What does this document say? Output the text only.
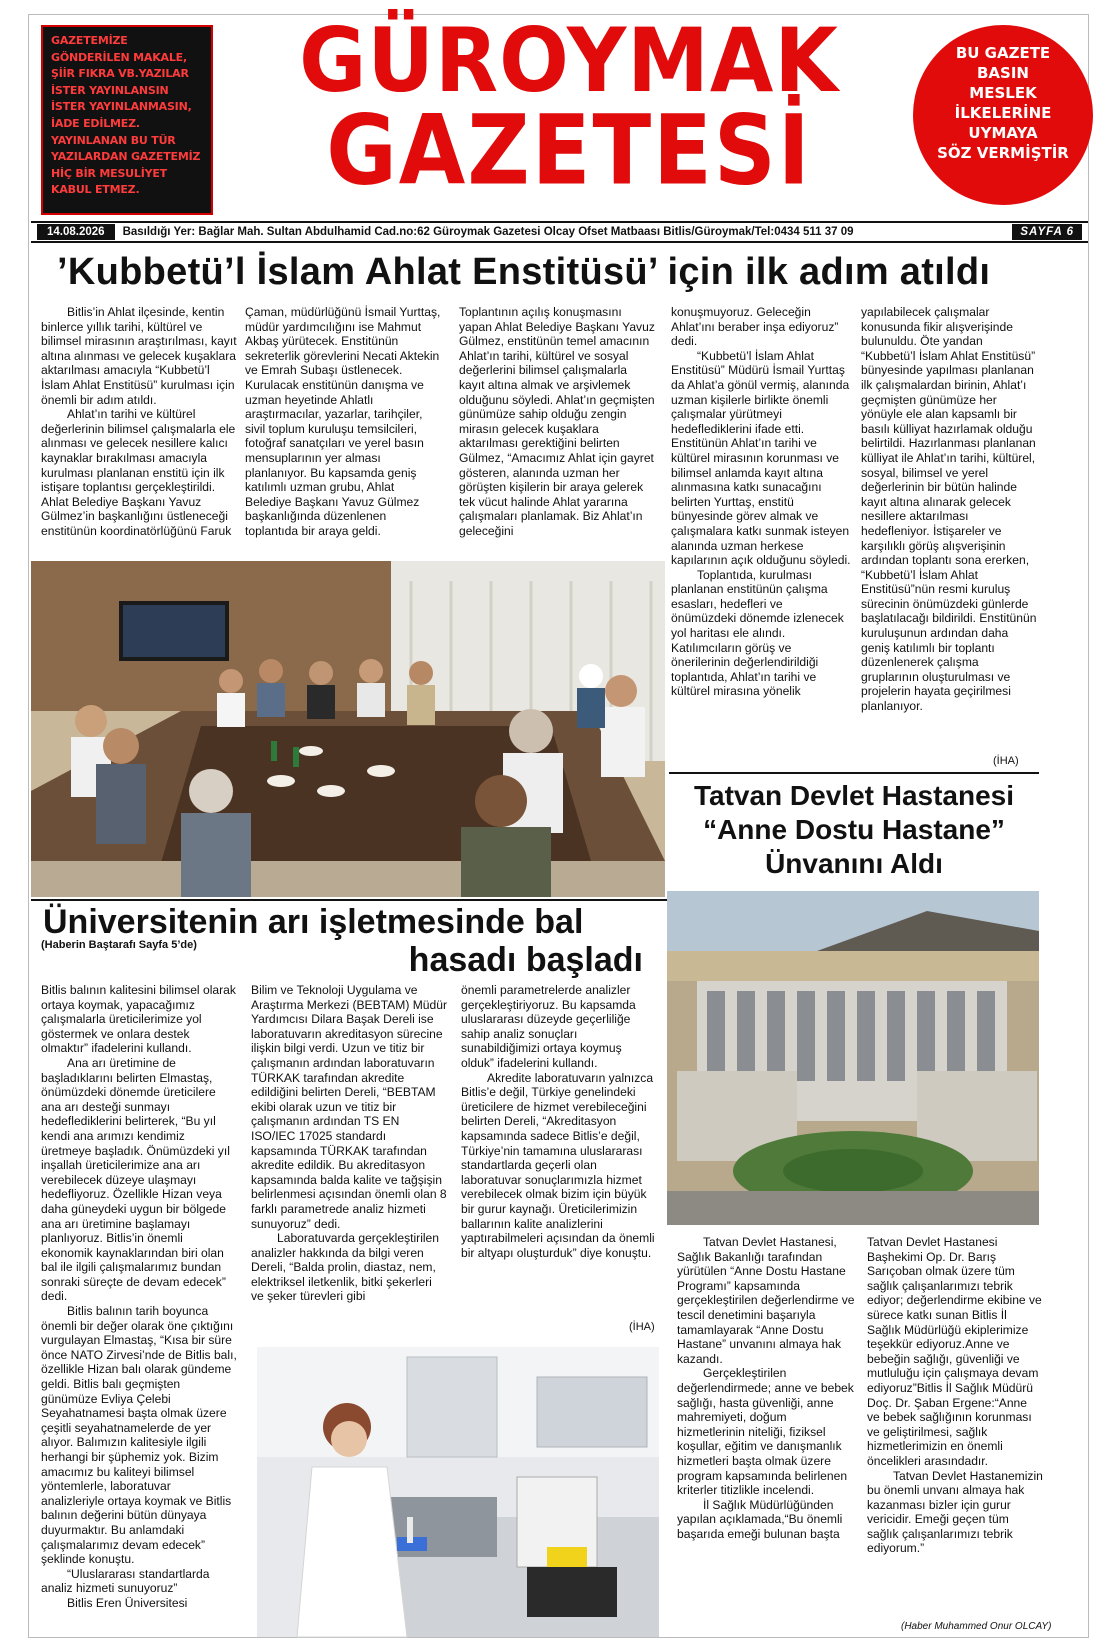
GAZETEMİZE GÖNDERİLEN MAKALE, ŞİİR FIKRA VB.YAZILAR İSTER YAYINLANSIN İSTER YAYINLANMASIN, İADE EDİLMEZ. YAYINLANAN BU TÜR YAZILARDAN GAZETEMİZ HİÇ BİR MESULİYET KABUL ETMEZ.
GÜROYMAK
GAZETESİ
BU GAZETE
BASIN
MESLEK
İLKELERİNE
UYMAYA
SÖZ VERMİŞTİR
14.08.2026	Basıldığı Yer: Bağlar Mah. Sultan Abdulhamid Cad.no:62 Güroymak Gazetesi Olcay Ofset Matbaası Bitlis/Güroymak/Tel:0434 511 37 09	SAYFA 6
’Kubbetü’l İslam Ahlat Enstitüsü’ için ilk adım atıldı

Bitlis’in Ahlat ilçesinde, kentin binlerce yıllık tarihi, kültürel ve bilimsel mirasının araştırılması, kayıt altına alınması ve gelecek kuşaklara aktarılması amacıyla “Kubbetü’l İslam Ahlat Enstitüsü” kurulması için önemli bir adım atıldı.

Ahlat’ın tarihi ve kültürel değerlerinin bilimsel çalışmalarla ele alınması ve gelecek nesillere kalıcı kaynaklar bırakılması amacıyla kurulması planlanan enstitü için ilk istişare toplantısı gerçekleştirildi. Ahlat Belediye Başkanı Yavuz Gülmez’in başkanlığını üstleneceği enstitünün koordinatörlüğünü Faruk

Çaman, müdürlüğünü İsmail Yurttaş, müdür yardımcılığını ise Mahmut Akbaş yürütecek. Enstitünün sekreterlik görevlerini Necati Aktekin ve Emrah Subaşı üstlenecek. Kurulacak enstitünün danışma ve uzman heyetinde Ahlatlı araştırmacılar, yazarlar, tarihçiler, sivil toplum kuruluşu temsilcileri, fotoğraf sanatçıları ve yerel basın mensuplarının yer alması planlanıyor. Bu kapsamda geniş katılımlı uzman grubu, Ahlat Belediye Başkanı Yavuz Gülmez başkanlığında düzenlenen toplantıda bir araya geldi.

Toplantının açılış konuşmasını yapan Ahlat Belediye Başkanı Yavuz Gülmez, enstitünün temel amacının Ahlat’ın tarihi, kültürel ve sosyal değerlerini bilimsel çalışmalarla kayıt altına almak ve arşivlemek olduğunu söyledi. Ahlat’ın geçmişten günümüze sahip olduğu zengin mirasın gelecek kuşaklara aktarılması gerektiğini belirten Gülmez, “Amacımız Ahlat için gayret gösteren, alanında uzman her görüşten kişilerin bir araya gelerek tek vücut halinde Ahlat yararına çalışmaları planlamak. Biz Ahlat’ın geleceğini

konuşmuyoruz. Geleceğin Ahlat’ını beraber inşa ediyoruz” dedi.

“Kubbetü’l İslam Ahlat Enstitüsü” Müdürü İsmail Yurttaş da Ahlat’a gönül vermiş, alanında uzman kişilerle birlikte önemli çalışmalar yürütmeyi hedeflediklerini ifade etti. Enstitünün Ahlat’ın tarihi ve kültürel mirasının korunması ve bilimsel anlamda kayıt altına alınmasına katkı sunacağını belirten Yurttaş, enstitü bünyesinde görev almak ve çalışmalara katkı sunmak isteyen alanında uzman herkese kapılarının açık olduğunu söyledi.

Toplantıda, kurulması planlanan enstitünün çalışma esasları, hedefleri ve önümüzdeki dönemde izlenecek yol haritası ele alındı. Katılımcıların görüş ve önerilerinin değerlendirildiği toplantıda, Ahlat’ın tarihi ve kültürel mirasına yönelik

yapılabilecek çalışmalar konusunda fikir alışverişinde bulunuldu. Öte yandan “Kubbetü’l İslam Ahlat Enstitüsü” bünyesinde yapılması planlanan ilk çalışmalardan birinin, Ahlat’ı geçmişten günümüze her yönüyle ele alan kapsamlı bir basılı külliyat hazırlamak olduğu belirtildi. Hazırlanması planlanan külliyat ile Ahlat’ın tarihi, kültürel, sosyal, bilimsel ve yerel değerlerinin bir bütün halinde kayıt altına alınarak gelecek nesillere aktarılması hedefleniyor. İstişareler ve karşılıklı görüş alışverişinin ardından toplantı sona ererken, “Kubbetü’l İslam Ahlat Enstitüsü”nün resmi kuruluş sürecinin önümüzdeki günlerde başlatılacağı bildirildi. Enstitünün kuruluşunun ardından daha geniş katılımlı bir toplantı düzenlenerek çalışma gruplarının oluşturulması ve projelerin hayata geçirilmesi planlanıyor.

(İHA)
Tatvan Devlet Hastanesi
“Anne Dostu Hastane”
Ünvanını Aldı

Tatvan Devlet Hastanesi, Sağlık Bakanlığı tarafından yürütülen “Anne Dostu Hastane Programı” kapsamında gerçekleştirilen değerlendirme ve tescil denetimini başarıyla tamamlayarak “Anne Dostu Hastane” unvanını almaya hak kazandı.

Gerçekleştirilen değerlendirmede; anne ve bebek sağlığı, hasta güvenliği, anne mahremiyeti, doğum hizmetlerinin niteliği, fiziksel koşullar, eğitim ve danışmanlık hizmetleri başta olmak üzere program kapsamında belirlenen kriterler titizlikle incelendi.

İl Sağlık Müdürlüğünden yapılan açıklamada,“Bu önemli başarıda emeği bulunan başta

Tatvan Devlet Hastanesi Başhekimi Op. Dr. Barış Sarıçoban olmak üzere tüm sağlık çalışanlarımızı tebrik ediyor; değerlendirme ekibine ve sürece katkı sunan Bitlis İl Sağlık Müdürlüğü ekiplerimize teşekkür ediyoruz.Anne ve bebeğin sağlığı, güvenliği ve mutluluğu için çalışmaya devam ediyoruz”Bitlis İl Sağlık Müdürü Doç. Dr. Şaban Ergene:“Anne ve bebek sağlığının korunması ve geliştirilmesi, sağlık hizmetlerimizin en önemli öncelikleri arasındadır.

Tatvan Devlet Hastanemizin bu önemli unvanı almaya hak kazanması bizler için gurur vericidir. Emeği geçen tüm sağlık çalışanlarımızı tebrik ediyorum.”

(Haber Muhammed Onur OLCAY)
Üniversitenin arı işletmesinde bal
hasadı başladı
(Haberin Baştarafı Sayfa 5’de)

Bitlis balının kalitesini bilimsel olarak ortaya koymak, yapacağımız çalışmalarla üreticilerimize yol göstermek ve onlara destek olmaktır” ifadelerini kullandı.

Ana arı üretimine de başladıklarını belirten Elmastaş, önümüzdeki dönemde üreticilere ana arı desteği sunmayı hedeflediklerini belirterek, “Bu yıl kendi ana arımızı kendimiz üretmeye başladık. Önümüzdeki yıl inşallah üreticilerimize ana arı verebilecek düzeye ulaşmayı hedefliyoruz. Özellikle Hizan veya daha güneydeki uygun bir bölgede ana arı üretimine başlamayı planlıyoruz. Bitlis’in önemli ekonomik kaynaklarından biri olan bal ile ilgili çalışmalarımız bundan sonraki süreçte de devam edecek” dedi.

Bitlis balının tarih boyunca önemli bir değer olarak öne çıktığını vurgulayan Elmastaş, “Kısa bir süre önce NATO Zirvesi’nde de Bitlis balı, özellikle Hizan balı olarak gündeme geldi. Bitlis balı geçmişten günümüze Evliya Çelebi Seyahatnamesi başta olmak üzere çeşitli seyahatnamelerde de yer alıyor. Balımızın kalitesiyle ilgili herhangi bir şüphemiz yok. Bizim amacımız bu kaliteyi bilimsel yöntemlerle, laboratuvar analizleriyle ortaya koymak ve Bitlis balının değerini bütün dünyaya duyurmaktır. Bu anlamdaki çalışmalarımız devam edecek” şeklinde konuştu.

“Uluslararası standartlarda analiz hizmeti sunuyoruz”

Bitlis Eren Üniversitesi

Bilim ve Teknoloji Uygulama ve Araştırma Merkezi (BEBTAM) Müdür Yardımcısı Dilara Başak Dereli ise laboratuvarın akreditasyon sürecine ilişkin bilgi verdi. Uzun ve titiz bir çalışmanın ardından laboratuvarın TÜRKAK tarafından akredite edildiğini belirten Dereli, “BEBTAM ekibi olarak uzun ve titiz bir çalışmanın ardından TS EN ISO/IEC 17025 standardı kapsamında TÜRKAK tarafından akredite edildik. Bu akreditasyon kapsamında balda kalite ve tağşişin belirlenmesi açısından önemli olan 8 farklı parametrede analiz hizmeti sunuyoruz” dedi.

Laboratuvarda gerçekleştirilen analizler hakkında da bilgi veren Dereli, “Balda prolin, diastaz, nem, elektriksel iletkenlik, bitki şekerleri ve şeker türevleri gibi

önemli parametrelerde analizler gerçekleştiriyoruz. Bu kapsamda uluslararası düzeyde geçerliliğe sahip analiz sonuçları sunabildiğimizi ortaya koymuş olduk” ifadelerini kullandı.

Akredite laboratuvarın yalnızca Bitlis’e değil, Türkiye genelindeki üreticilere de hizmet verebileceğini belirten Dereli, “Akreditasyon kapsamında sadece Bitlis’e değil, Türkiye’nin tamamına uluslararası standartlarda geçerli olan laboratuvar sonuçlarımızla hizmet verebilecek olmak bizim için büyük bir gurur kaynağı. Üreticilerimizin ballarının kalite analizlerini yaptırabilmeleri açısından da önemli bir altyapı oluşturduk” diye konuştu.

(İHA)
